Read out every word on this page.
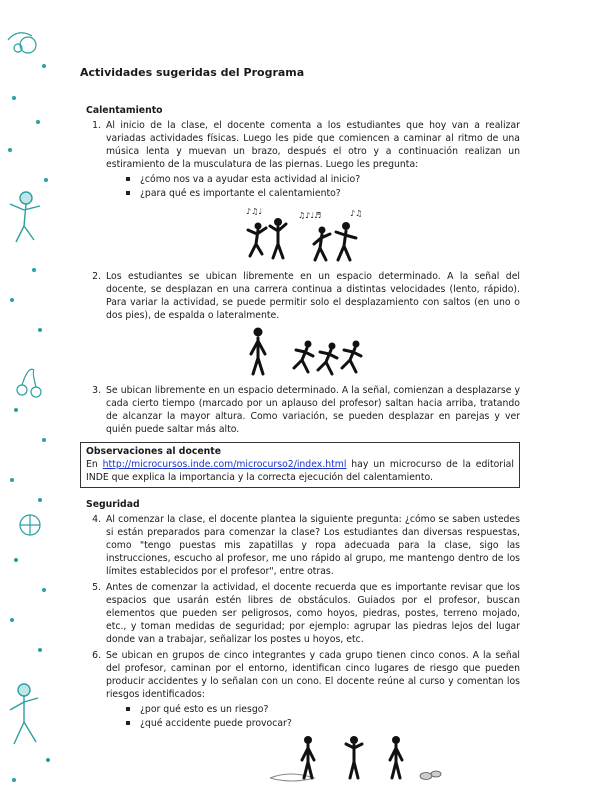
Actividades sugeridas del Programa
Calentamiento
1. Al inicio de la clase, el docente comenta a los estudiantes que hoy van a realizar variadas actividades físicas. Luego les pide que comiencen a caminar al ritmo de una música lenta y muevan un brazo, después el otro y a continuación realizan un estiramiento de la musculatura de las piernas. Luego les pregunta:
¿cómo nos va a ayudar esta actividad al inicio?
¿para qué es importante el calentamiento?
♪♫♩	♫♪♩♬	♪♫
2. Los estudiantes se ubican libremente en un espacio determinado. A la señal del docente, se desplazan en una carrera continua a distintas velocidades (lento, rápido). Para variar la actividad, se puede permitir solo el desplazamiento con saltos (en uno o dos pies), de espalda o lateralmente.
3. Se ubican libremente en un espacio determinado. A la señal, comienzan a desplazarse y cada cierto tiempo (marcado por un aplauso del profesor) saltan hacia arriba, tratando de alcanzar la mayor altura. Como variación, se pueden desplazar en parejas y ver quién puede saltar más alto.
Observaciones al docente
En http://microcursos.inde.com/microcurso2/index.html hay un microcurso de la editorial INDE que explica la importancia y la correcta ejecución del calentamiento.
Seguridad
4. Al comenzar la clase, el docente plantea la siguiente pregunta: ¿cómo se saben ustedes si están preparados para comenzar la clase? Los estudiantes dan diversas respuestas, como "tengo puestas mis zapatillas y ropa adecuada para la clase, sigo las instrucciones, escucho al profesor, me uno rápido al grupo, me mantengo dentro de los límites establecidos por el profesor", entre otras.
5. Antes de comenzar la actividad, el docente recuerda que es importante revisar que los espacios que usarán estén libres de obstáculos. Guiados por el profesor, buscan elementos que pueden ser peligrosos, como hoyos, piedras, postes, terreno mojado, etc., y toman medidas de seguridad; por ejemplo: agrupar las piedras lejos del lugar donde van a trabajar, señalizar los postes u hoyos, etc.
6. Se ubican en grupos de cinco integrantes y cada grupo tienen cinco conos. A la señal del profesor, caminan por el entorno, identifican cinco lugares de riesgo que pueden producir accidentes y lo señalan con un cono. El docente reúne al curso y comentan los riesgos identificados:
¿por qué esto es un riesgo?
¿qué accidente puede provocar?
